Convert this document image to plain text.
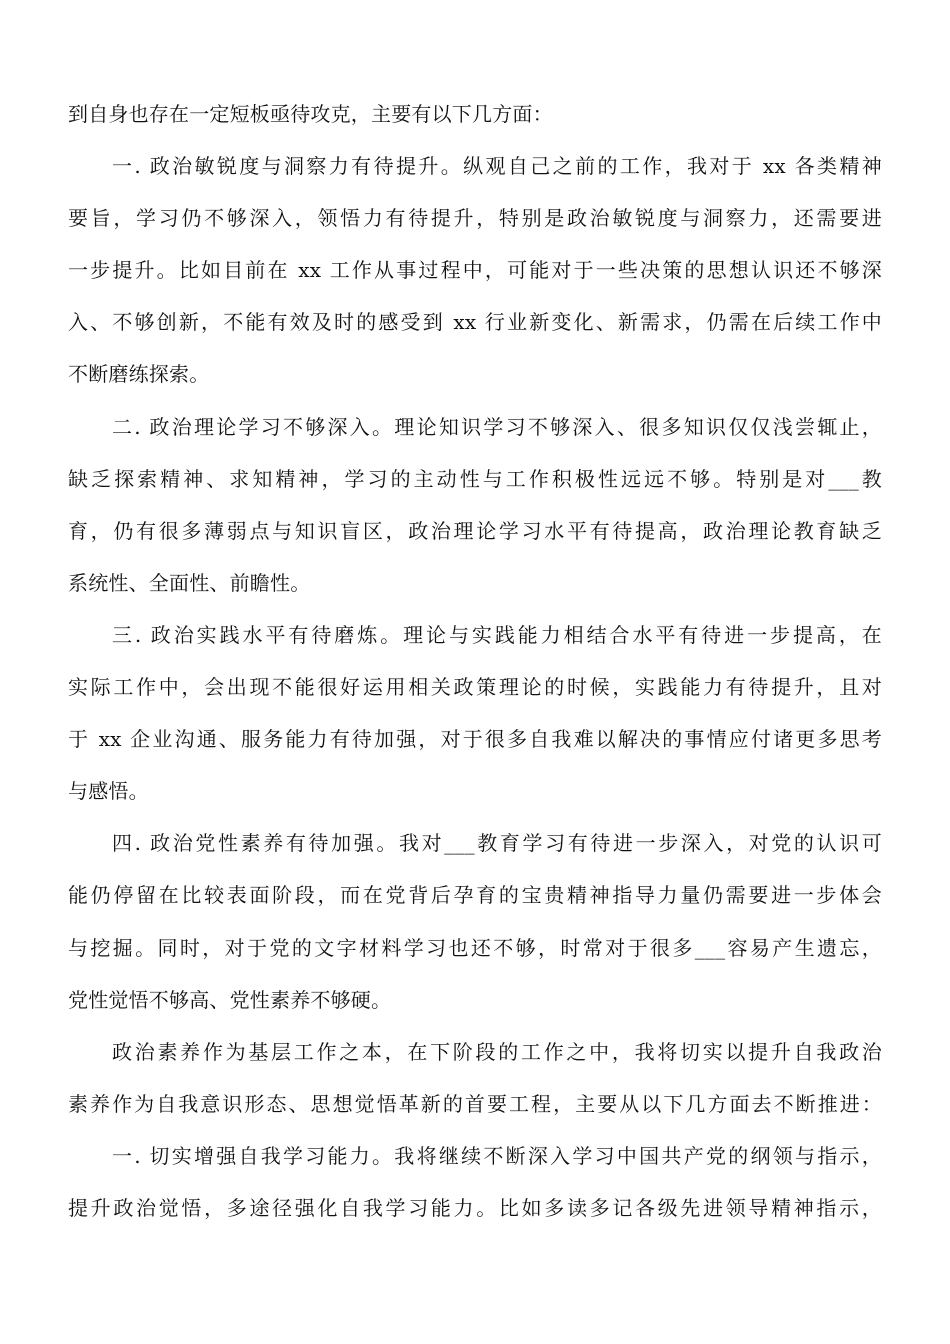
到自身也存在一定短板亟待攻克，主要有以下几方面：
一. 政治敏锐度与洞察力有待提升。纵观自己之前的工作，我对于 xx 各类精神
要旨，学习仍不够深入，领悟力有待提升，特别是政治敏锐度与洞察力，还需要进
一步提升。比如目前在 xx 工作从事过程中，可能对于一些决策的思想认识还不够深
入、不够创新，不能有效及时的感受到 xx 行业新变化、新需求，仍需在后续工作中
不断磨练探索。
二. 政治理论学习不够深入。理论知识学习不够深入、很多知识仅仅浅尝辄止，
缺乏探索精神、求知精神，学习的主动性与工作积极性远远不够。特别是对___教
育，仍有很多薄弱点与知识盲区，政治理论学习水平有待提高，政治理论教育缺乏
系统性、全面性、前瞻性。
三. 政治实践水平有待磨炼。理论与实践能力相结合水平有待进一步提高，在
实际工作中，会出现不能很好运用相关政策理论的时候，实践能力有待提升，且对
于 xx 企业沟通、服务能力有待加强，对于很多自我难以解决的事情应付诸更多思考
与感悟。
四. 政治党性素养有待加强。我对___教育学习有待进一步深入，对党的认识可
能仍停留在比较表面阶段，而在党背后孕育的宝贵精神指导力量仍需要进一步体会
与挖掘。同时，对于党的文字材料学习也还不够，时常对于很多___容易产生遗忘，
党性觉悟不够高、党性素养不够硬。
政治素养作为基层工作之本，在下阶段的工作之中，我将切实以提升自我政治
素养作为自我意识形态、思想觉悟革新的首要工程，主要从以下几方面去不断推进：
一. 切实增强自我学习能力。我将继续不断深入学习中国共产党的纲领与指示，
提升政治觉悟，多途径强化自我学习能力。比如多读多记各级先进领导精神指示，
